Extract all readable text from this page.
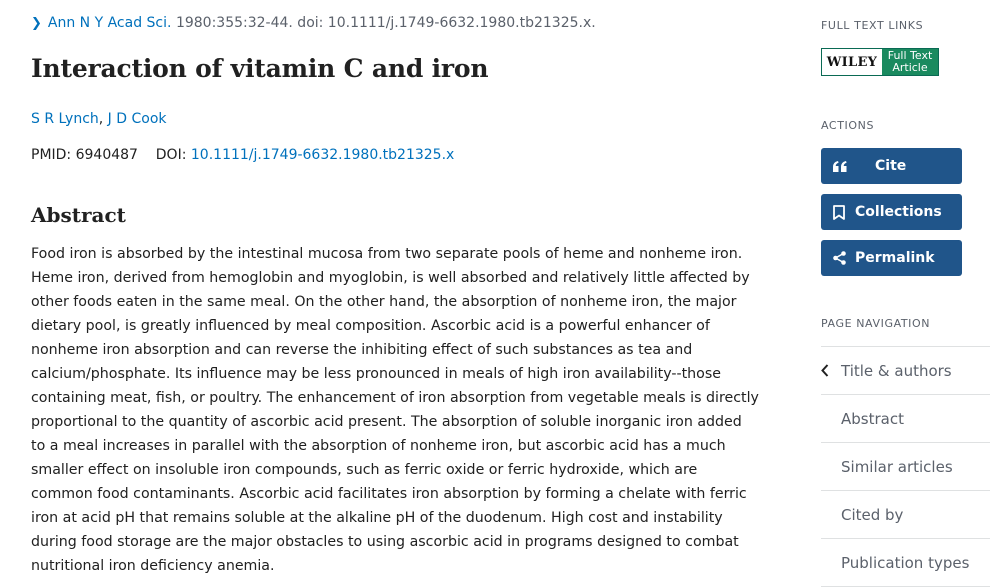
❯ Ann N Y Acad Sci. 1980:355:32-44. doi: 10.1111/j.1749-6632.1980.tb21325.x.
Interaction of vitamin C and iron
S R Lynch, J D Cook
PMID: 6940487 DOI: 10.1111/j.1749-6632.1980.tb21325.x
Abstract

Food iron is absorbed by the intestinal mucosa from two separate pools of heme and nonheme iron. Heme iron, derived from hemoglobin and myoglobin, is well absorbed and relatively little affected by other foods eaten in the same meal. On the other hand, the absorption of nonheme iron, the major dietary pool, is greatly influenced by meal composition. Ascorbic acid is a powerful enhancer of nonheme iron absorption and can reverse the inhibiting effect of such substances as tea and calcium/phosphate. Its influence may be less pronounced in meals of high iron availability--those containing meat, fish, or poultry. The enhancement of iron absorption from vegetable meals is directly proportional to the quantity of ascorbic acid present. The absorption of soluble inorganic iron added to a meal increases in parallel with the absorption of nonheme iron, but ascorbic acid has a much smaller effect on insoluble iron compounds, such as ferric oxide or ferric hydroxide, which are common food contaminants. Ascorbic acid facilitates iron absorption by forming a chelate with ferric iron at acid pH that remains soluble at the alkaline pH of the duodenum. High cost and instability during food storage are the major obstacles to using ascorbic acid in programs designed to combat nutritional iron deficiency anemia.

FULL TEXT LINKS
WILEY Full Text
Article
ACTIONS
Cite
Collections
Permalink
PAGE NAVIGATION
Title & authors
Abstract
Similar articles
Cited by
Publication types
